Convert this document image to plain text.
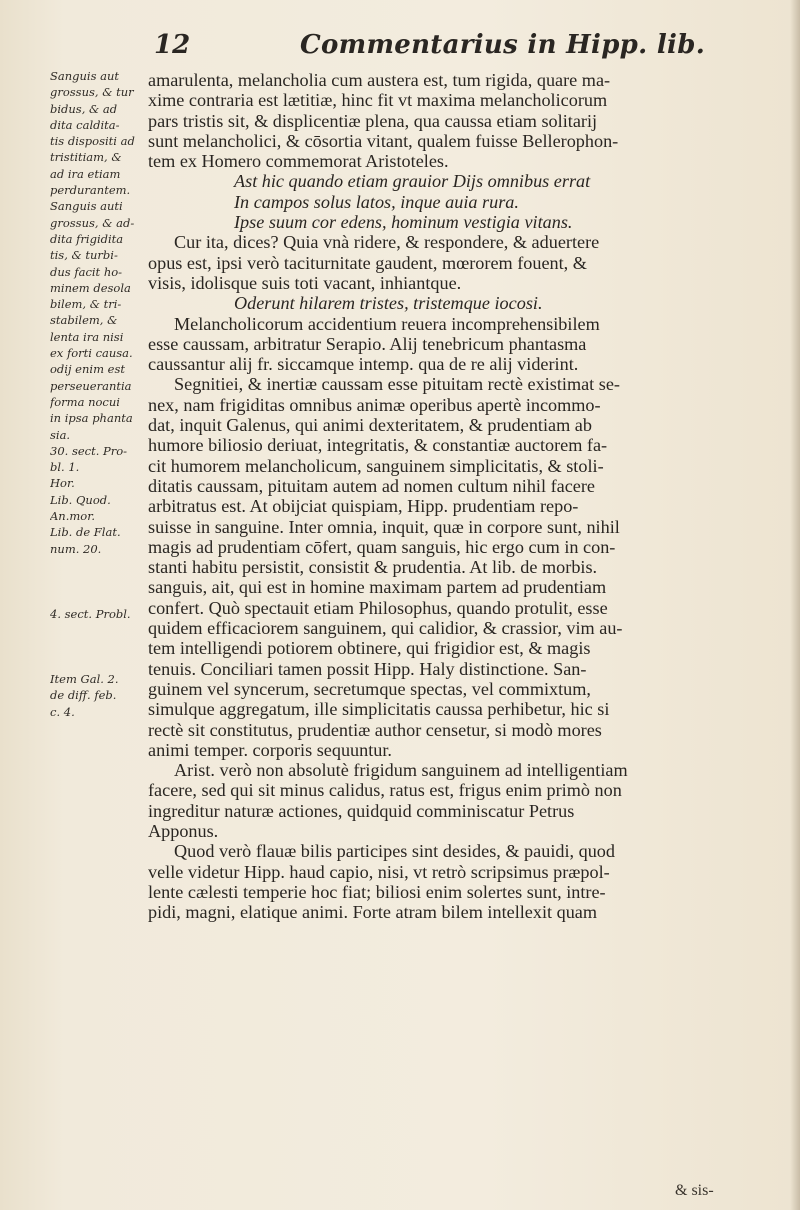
12	Commentarius in Hipp. lib.
Sanguis aut
grossus, & tur
bidus, & ad
dita caldita-
tis dispositi ad
tristitiam, &
ad ira etiam
perdurantem.
Sanguis auti
grossus, & ad-
dita frigidita
tis, & turbi-
dus facit ho-
minem desola
bilem, & tri-
stabilem, &
lenta ira nisi
ex forti causa.
odij enim est
perseuerantia
forma nocui
in ipsa phanta
sia.
30. sect. Pro-
bl. 1.
Hor.
Lib. Quod.
An.mor.
Lib. de Flat.
num. 20.
4. sect. Probl.
Item Gal. 2.
de diff. feb.
c. 4.
amarulenta, melancholia cum austera est, tum rigida, quare ma-
xime contraria est lætitiæ, hinc fit vt maxima melancholicorum
pars tristis sit, & displicentiæ plena, qua caussa etiam solitarij
sunt melancholici, & cōsortia vitant, qualem fuisse Bellerophon-
tem ex Homero commemorat Aristoteles.
Ast hic quando etiam grauior Dijs omnibus errat
In campos solus latos, inque auia rura.
Ipse suum cor edens, hominum vestigia vitans.
Cur ita, dices? Quia vnà ridere, & respondere, & aduertere
opus est, ipsi verò taciturnitate gaudent, mœrorem fouent, &
visis, idolisque suis toti vacant, inhiantque.
Oderunt hilarem tristes, tristemque iocosi.
Melancholicorum accidentium reuera incomprehensibilem
esse caussam, arbitratur Serapio. Alij tenebricum phantasma
caussantur alij fr. siccamque intemp. qua de re alij viderint.
Segnitiei, & inertiæ caussam esse pituitam rectè existimat se-
nex, nam frigiditas omnibus animæ operibus apertè incommo-
dat, inquit Galenus, qui animi dexteritatem, & prudentiam ab
humore biliosio deriuat, integritatis, & constantiæ auctorem fa-
cit humorem melancholicum, sanguinem simplicitatis, & stoli-
ditatis caussam, pituitam autem ad nomen cultum nihil facere
arbitratus est. At obijciat quispiam, Hipp. prudentiam repo-
suisse in sanguine. Inter omnia, inquit, quæ in corpore sunt, nihil
magis ad prudentiam cōfert, quam sanguis, hic ergo cum in con-
stanti habitu persistit, consistit & prudentia. At lib. de morbis.
sanguis, ait, qui est in homine maximam partem ad prudentiam
confert. Quò spectauit etiam Philosophus, quando protulit, esse
quidem efficaciorem sanguinem, qui calidior, & crassior, vim au-
tem intelligendi potiorem obtinere, qui frigidior est, & magis
tenuis. Conciliari tamen possit Hipp. Haly distinctione. San-
guinem vel syncerum, secretumque spectas, vel commixtum,
simulque aggregatum, ille simplicitatis caussa perhibetur, hic si
rectè sit constitutus, prudentiæ author censetur, si modò mores
animi temper. corporis sequuntur.
Arist. verò non absolutè frigidum sanguinem ad intelligentiam
facere, sed qui sit minus calidus, ratus est, frigus enim primò non
ingreditur naturæ actiones, quidquid comminiscatur Petrus
Apponus.
Quod verò flauæ bilis participes sint desides, & pauidi, quod
velle videtur Hipp. haud capio, nisi, vt retrò scripsimus præpol-
lente cælesti temperie hoc fiat; biliosi enim solertes sunt, intre-
pidi, magni, elatique animi. Forte atram bilem intellexit quam
& sis-
